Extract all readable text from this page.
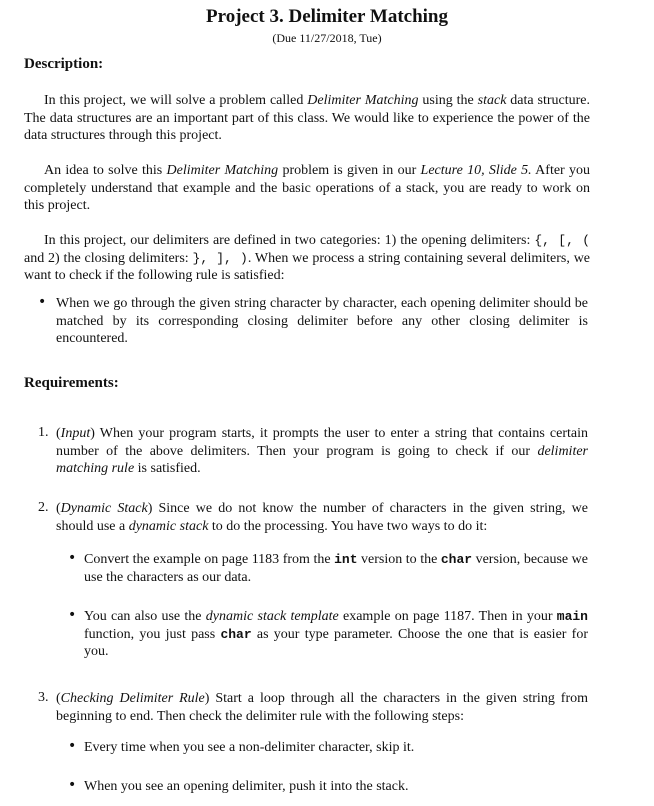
Project 3. Delimiter Matching
(Due 11/27/2018, Tue)
Description:
In this project, we will solve a problem called Delimiter Matching using the stack data structure. The data structures are an important part of this class. We would like to experience the power of the data structures through this project.
An idea to solve this Delimiter Matching problem is given in our Lecture 10, Slide 5. After you completely understand that example and the basic operations of a stack, you are ready to work on this project.
In this project, our delimiters are defined in two categories: 1) the opening delimiters: {, [, ( and 2) the closing delimiters: }, ], ). When we process a string containing several delimiters, we want to check if the following rule is satisfied:
• When we go through the given string character by character, each opening delimiter should be matched by its corresponding closing delimiter before any other closing delimiter is encountered.
Requirements:
1. (Input) When your program starts, it prompts the user to enter a string that contains certain number of the above delimiters. Then your program is going to check if our delimiter matching rule is satisfied.
2. (Dynamic Stack) Since we do not know the number of characters in the given string, we should use a dynamic stack to do the processing. You have two ways to do it:
• Convert the example on page 1183 from the int version to the char version, because we use the characters as our data.
• You can also use the dynamic stack template example on page 1187. Then in your main function, you just pass char as your type parameter. Choose the one that is easier for you.
3. (Checking Delimiter Rule) Start a loop through all the characters in the given string from beginning to end. Then check the delimiter rule with the following steps:
• Every time when you see a non-delimiter character, skip it.
• When you see an opening delimiter, push it into the stack.
